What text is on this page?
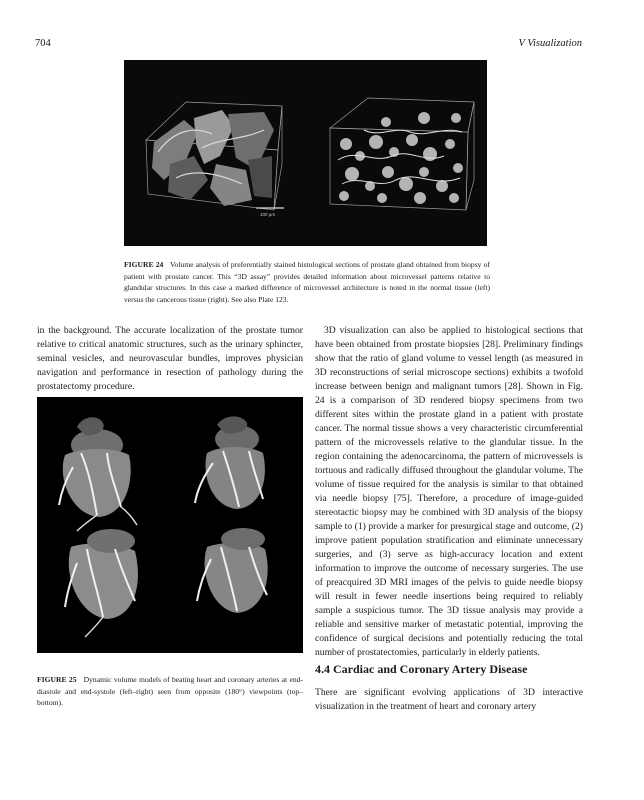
704	V Visualization
100 μm
FIGURE 24 Volume analysis of preferentially stained histological sections of prostate gland obtained from biopsy of patient with prostate cancer. This “3D assay” provides detailed information about microvessel patterns relative to glandular structures. In this case a marked difference of microvessel architecture is noted in the normal tissue (left) versus the cancerous tissue (right). See also Plate 123.

in the background. The accurate localization of the prostate tumor relative to critical anatomic structures, such as the urinary sphincter, seminal vesicles, and neurovascular bundles, improves physician navigation and performance in resection of pathology during the prostatectomy procedure.

FIGURE 25 Dynamic volume models of beating heart and coronary arteries at end-diastole and end-systole (left–right) seen from opposite (180°) viewpoints (top–bottom).

3D visualization can also be applied to histological sections that have been obtained from prostate biopsies [28]. Preliminary findings show that the ratio of gland volume to vessel length (as measured in 3D reconstructions of serial microscope sections) exhibits a twofold increase between benign and malignant tumors [28]. Shown in Fig. 24 is a comparison of 3D rendered biopsy specimens from two different sites within the prostate gland in a patient with prostate cancer. The normal tissue shows a very characteristic circumferential pattern of the microvessels relative to the glandular tissue. In the region containing the adenocarcinoma, the pattern of microvessels is tortuous and radically diffused throughout the glandular volume. The volume of tissue required for the analysis is similar to that obtained via needle biopsy [75]. Therefore, a procedure of image-guided stereotactic biopsy may be combined with 3D analysis of the biopsy sample to (1) provide a marker for presurgical stage and outcome, (2) improve patient population stratification and eliminate unnecessary surgeries, and (3) serve as high-accuracy location and extent information to improve the outcome of necessary surgeries. The use of preacquired 3D MRI images of the pelvis to guide needle biopsy will result in fewer needle insertions being required to reliably sample a suspicious tumor. The 3D tissue analysis may provide a reliable and sensitive marker of metastatic potential, improving the confidence of surgical decisions and potentially reducing the total number of prostatectomies, particularly in elderly patients.

4.4 Cardiac and Coronary Artery Disease

There are significant evolving applications of 3D interactive visualization in the treatment of heart and coronary artery
